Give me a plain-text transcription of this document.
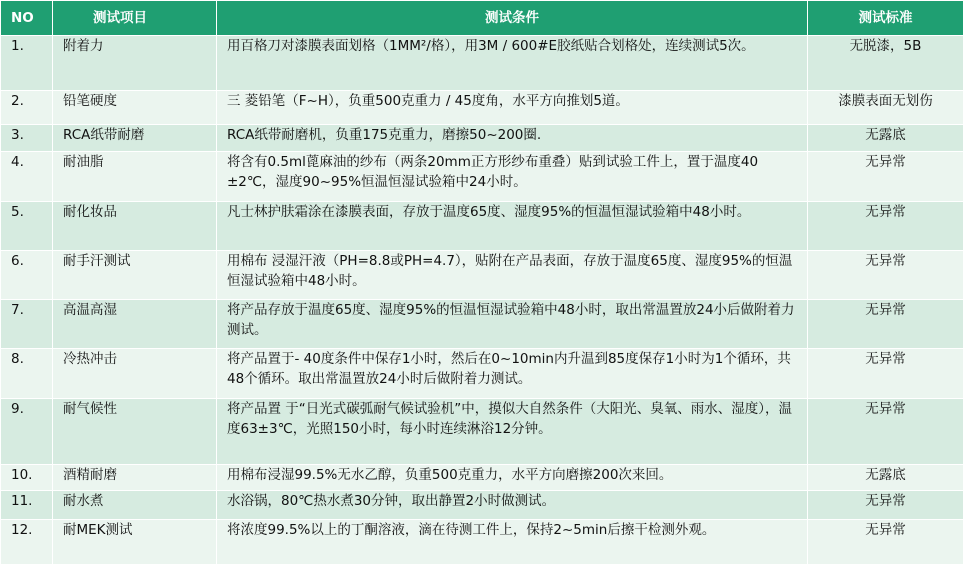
NO	测试项目	测试条件	测试标准
1.	附着力	用百格刀对漆膜表面划格（1MM²/格），用3M / 600#E胶纸贴合划格处，连续测试5次。	无脱漆，5B
2.	铅笔硬度	三 菱铅笔（F~H），负重500克重力 / 45度角，水平方向推划5道。	漆膜表面无划伤
3.	RCA纸带耐磨	RCA纸带耐磨机，负重175克重力，磨擦50~200圈.	无露底
4.	耐油脂	将含有0.5ml蓖麻油的纱布（两条20mm正方形纱布重叠）贴到试验工件上，置于温度40±2℃，湿度90~95%恒温恒湿试验箱中24小时。	无异常
5.	耐化妆品	凡士林护肤霜涂在漆膜表面，存放于温度65度、湿度95%的恒温恒湿试验箱中48小时。	无异常
6.	耐手汗测试	用棉布 浸湿汗液（PH=8.8或PH=4.7），贴附在产品表面，存放于温度65度、湿度95%的恒温恒湿试验箱中48小时。	无异常
7.	高温高湿	将产品存放于温度65度、湿度95%的恒温恒湿试验箱中48小时，取出常温置放24小后做附着力测试。	无异常
8.	冷热冲击	将产品置于- 40度条件中保存1小时，然后在0~10min内升温到85度保存1小时为1个循环，共48个循环。取出常温置放24小时后做附着力测试。	无异常
9.	耐气候性	将产品置 于“日光式碳弧耐气候试验机”中，摸似大自然条件（大阳光、臭氧、雨水、湿度），温度63±3℃，光照150小时，每小时连续淋浴12分钟。	无异常
10.	酒精耐磨	用棉布浸湿99.5%无水乙醇，负重500克重力，水平方向磨擦200次来回。	无露底
11.	耐水煮	水浴锅，80℃热水煮30分钟，取出静置2小时做测试。	无异常
12.	耐MEK测试	将浓度99.5%以上的丁酮溶液，滴在待测工件上，保持2~5min后擦干检测外观。	无异常
